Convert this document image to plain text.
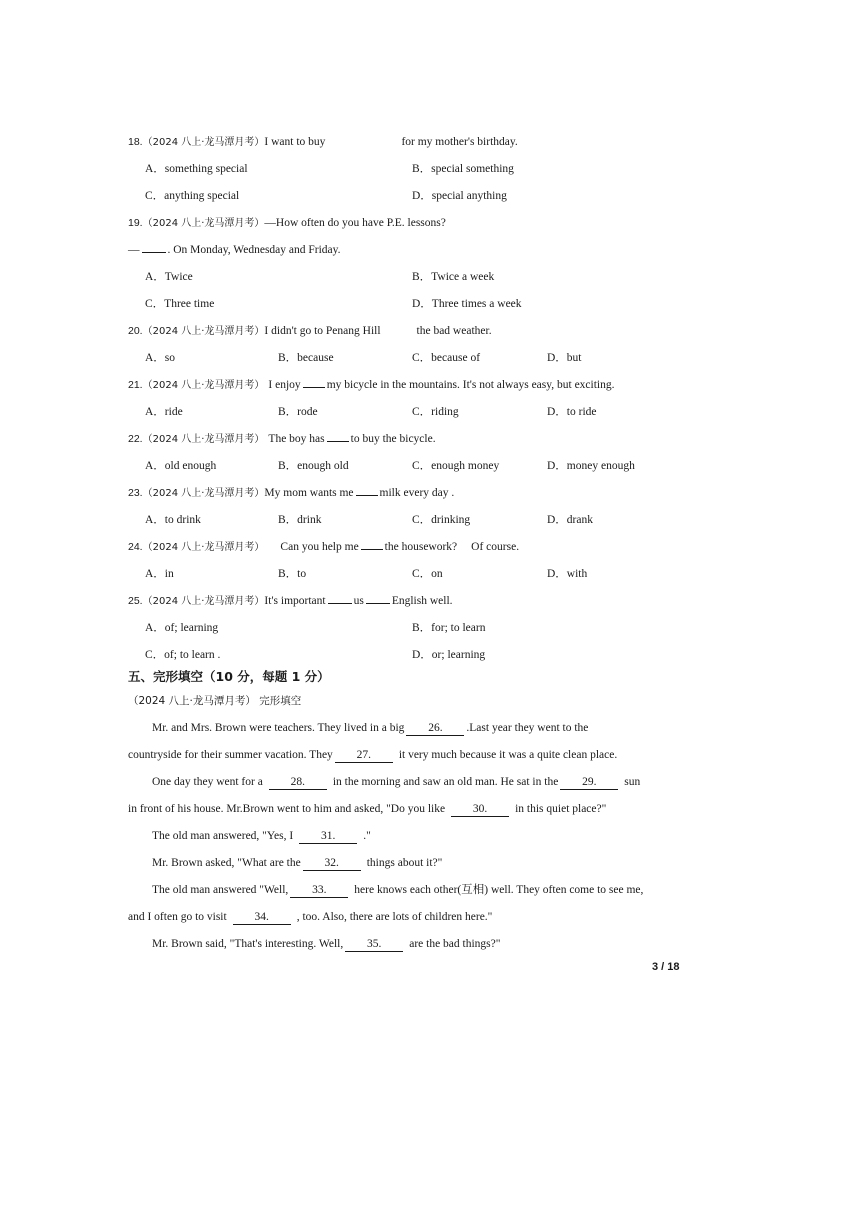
18.（2024 八上·龙马潭月考）I want to buy	for my mother's birthday.
A．something special	B．special something
C．anything special	D．special anything
19.（2024 八上·龙马潭月考）—How often do you have P.E. lessons?
— . On Monday, Wednesday and Friday.
A．Twice	B．Twice a week
C．Three time	D．Three times a week
20.（2024 八上·龙马潭月考）I didn't go to Penang Hill	the bad weather.
A．so	B．because	C．because of	D．but
21.（2024 八上·龙马潭月考） I enjoy my bicycle in the mountains. It's not always easy, but exciting.
A．ride	B．rode	C．riding	D．to ride
22.（2024 八上·龙马潭月考） The boy has to buy the bicycle.
A．old enough	B．enough old	C．enough money	D．money enough
23.（2024 八上·龙马潭月考）My mom wants me milk every day .
A．to drink	B．drink	C．drinking	D．drank
24.（2024 八上·龙马潭月考） Can you help me the housework? Of course.
A．in	B．to	C．on	D．with
25.（2024 八上·龙马潭月考）It's important us English well.
A．of; learning	B．for; to learn
C．of; to learn .	D．or; learning
五、完形填空（10 分，每题 1 分）
（2024 八上·龙马潭月考） 完形填空
Mr. and Mrs. Brown were teachers. They lived in a big 26. .Last year they went to the
countryside for their summer vacation. They 27. it very much because it was a quite clean place.
One day they went for a 28. in the morning and saw an old man. He sat in the 29. sun
in front of his house. Mr.Brown went to him and asked, "Do you like 30. in this quiet place?"
The old man answered, "Yes, I 31. ."
Mr. Brown asked, "What are the 32. things about it?"
The old man answered "Well, 33. here knows each other(互相) well. They often come to see me,
and I often go to visit 34. , too. Also, there are lots of children here."
Mr. Brown said, "That's interesting. Well, 35. are the bad things?"
3 / 18
